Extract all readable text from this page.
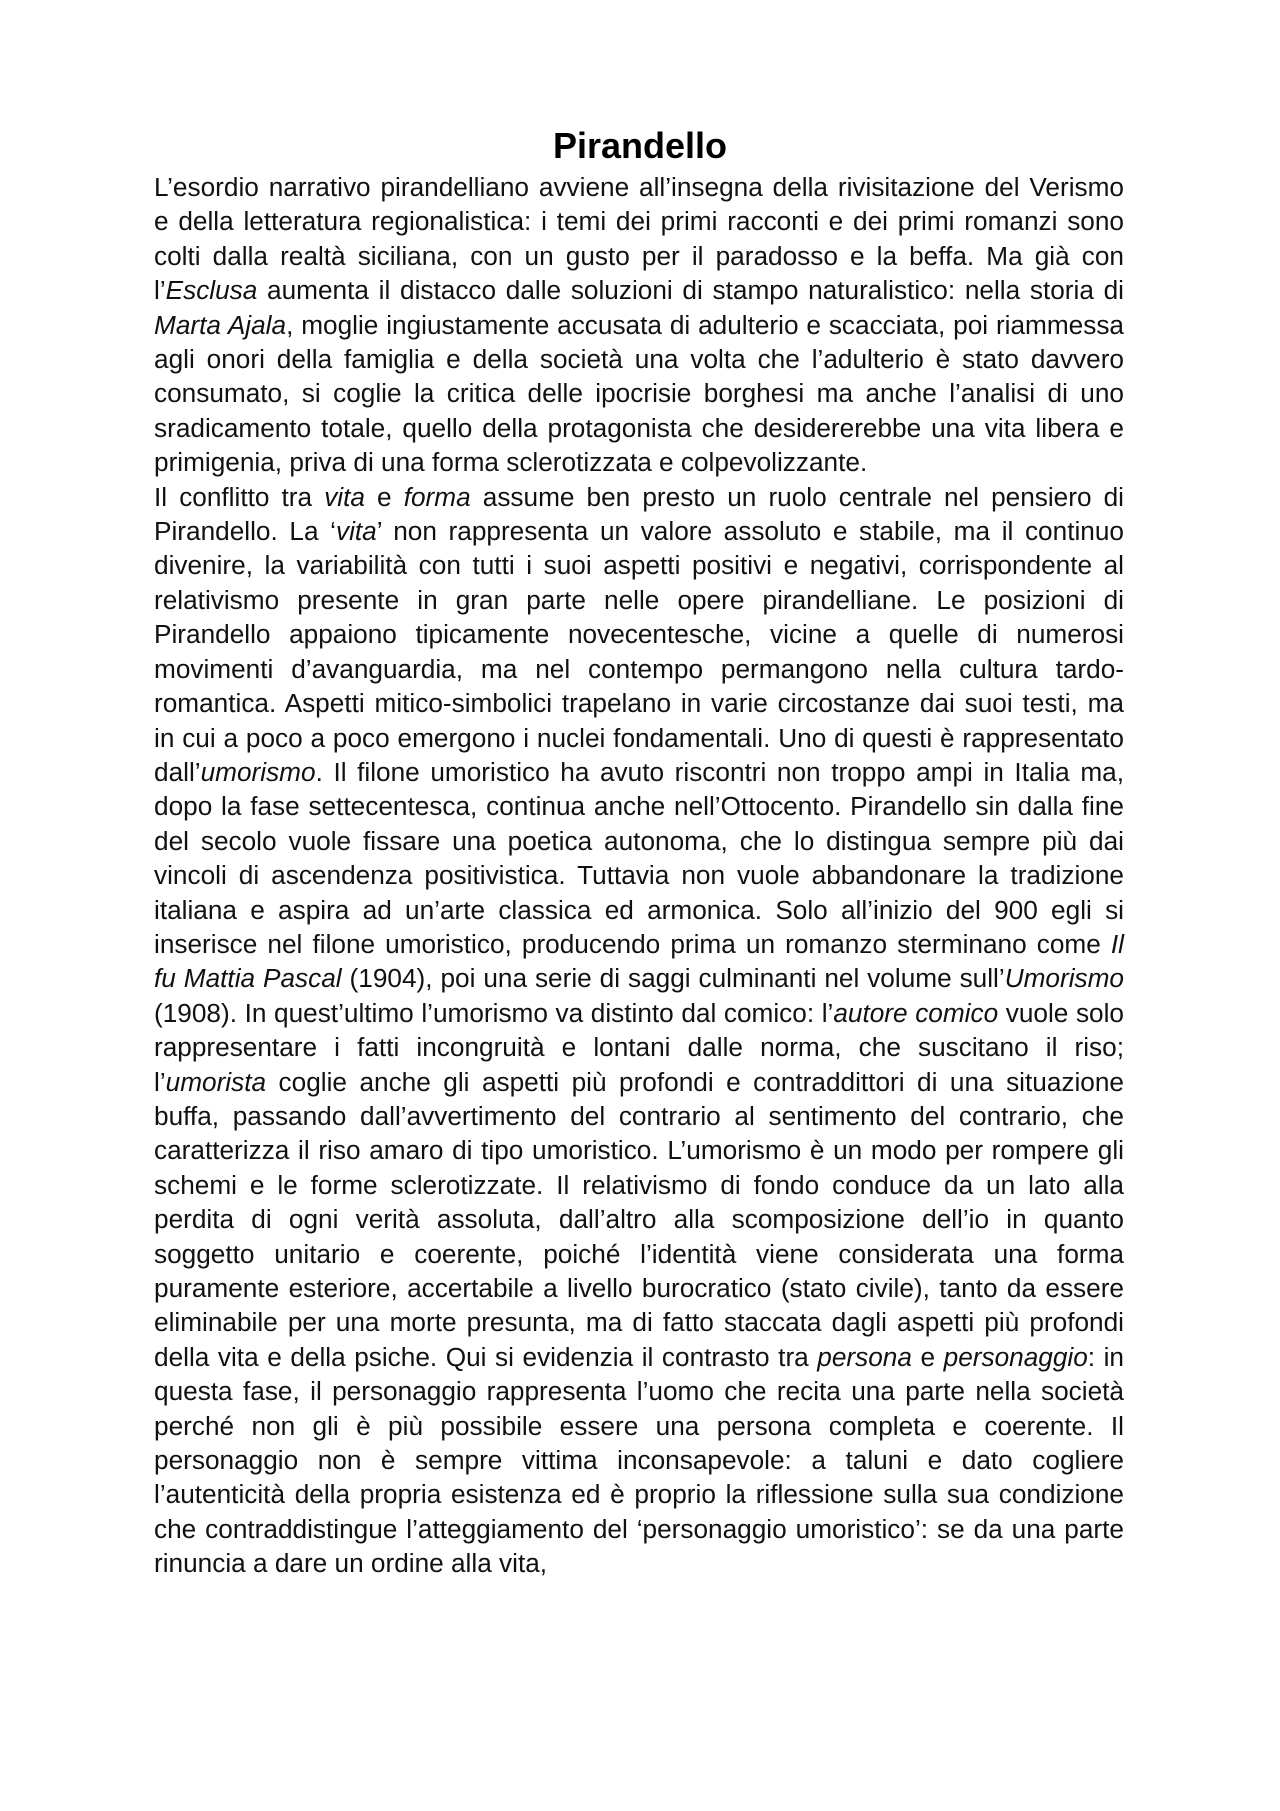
Pirandello

L’esordio narrativo pirandelliano avviene all’insegna della rivisitazione del Verismo e della letteratura regionalistica: i temi dei primi racconti e dei primi romanzi sono colti dalla realtà siciliana, con un gusto per il paradosso e la beffa. Ma già con l’Esclusa aumenta il distacco dalle soluzioni di stampo naturalistico: nella storia di Marta Ajala, moglie ingiustamente accusata di adulterio e scacciata, poi riammessa agli onori della famiglia e della società una volta che l’adulterio è stato davvero consumato, si coglie la critica delle ipocrisie borghesi ma anche l’analisi di uno sradicamento totale, quello della protagonista che desidererebbe una vita libera e primigenia, priva di una forma sclerotizzata e colpevolizzante.

Il conflitto tra vita e forma assume ben presto un ruolo centrale nel pensiero di Pirandello. La ‘vita’ non rappresenta un valore assoluto e stabile, ma il continuo divenire, la variabilità con tutti i suoi aspetti positivi e negativi, corrispondente al relativismo presente in gran parte nelle opere pirandelliane. Le posizioni di Pirandello appaiono tipicamente novecentesche, vicine a quelle di numerosi movimenti d’avanguardia, ma nel contempo permangono nella cultura tardo-romantica. Aspetti mitico-simbolici trapelano in varie circostanze dai suoi testi, ma in cui a poco a poco emergono i nuclei fondamentali. Uno di questi è rappresentato dall’umorismo. Il filone umoristico ha avuto riscontri non troppo ampi in Italia ma, dopo la fase settecentesca, continua anche nell’Ottocento. Pirandello sin dalla fine del secolo vuole fissare una poetica autonoma, che lo distingua sempre più dai vincoli di ascendenza positivistica. Tuttavia non vuole abbandonare la tradizione italiana e aspira ad un’arte classica ed armonica. Solo all’inizio del 900 egli si inserisce nel filone umoristico, producendo prima un romanzo sterminano come Il fu Mattia Pascal (1904), poi una serie di saggi culminanti nel volume sull’Umorismo (1908). In quest’ultimo l’umorismo va distinto dal comico: l’autore comico vuole solo rappresentare i fatti incongruità e lontani dalle norma, che suscitano il riso; l’umorista coglie anche gli aspetti più profondi e contraddittori di una situazione buffa, passando dall’avvertimento del contrario al sentimento del contrario, che caratterizza il riso amaro di tipo umoristico. L’umorismo è un modo per rompere gli schemi e le forme sclerotizzate. Il relativismo di fondo conduce da un lato alla perdita di ogni verità assoluta, dall’altro alla scomposizione dell’io in quanto soggetto unitario e coerente, poiché l’identità viene considerata una forma puramente esteriore, accertabile a livello burocratico (stato civile), tanto da essere eliminabile per una morte presunta, ma di fatto staccata dagli aspetti più profondi della vita e della psiche. Qui si evidenzia il contrasto tra persona e personaggio: in questa fase, il personaggio rappresenta l’uomo che recita una parte nella società perché non gli è più possibile essere una persona completa e coerente. Il personaggio non è sempre vittima inconsapevole: a taluni e dato cogliere l’autenticità della propria esistenza ed è proprio la riflessione sulla sua condizione che contraddistingue l’atteggiamento del ‘personaggio umoristico’: se da una parte rinuncia a dare un ordine alla vita,
